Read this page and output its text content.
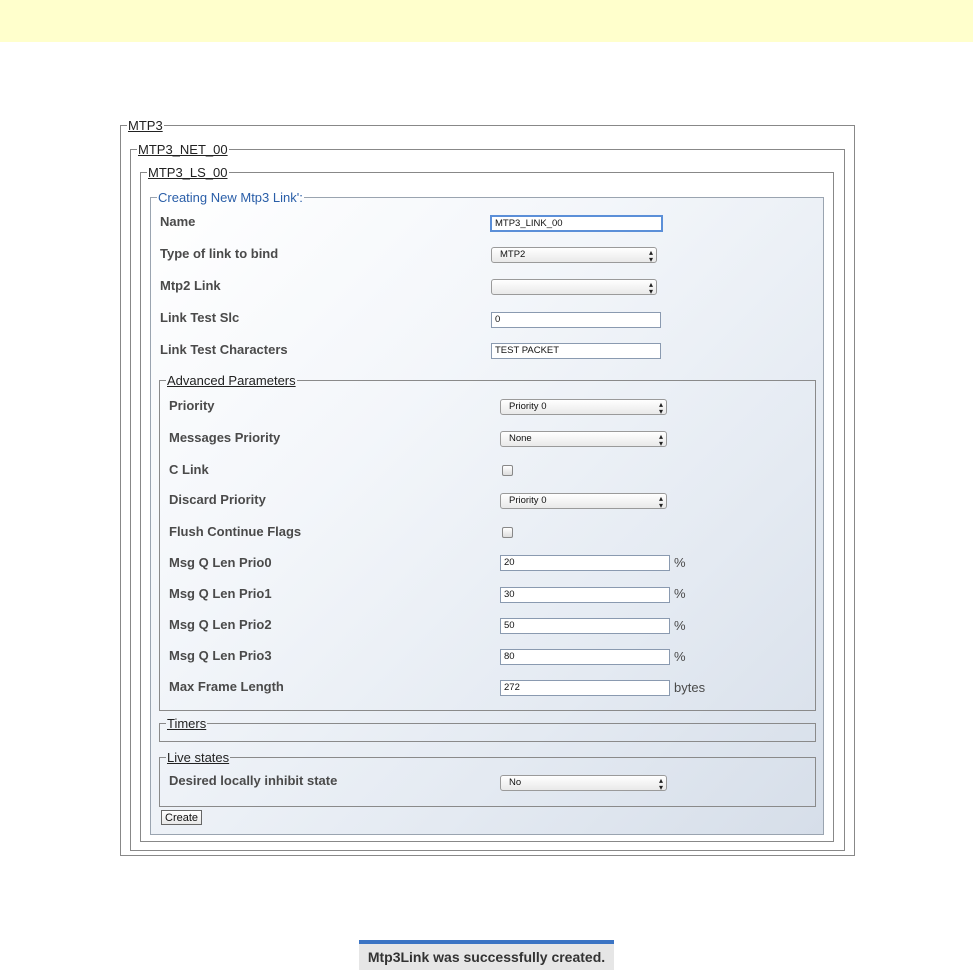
MTP3
MTP3_NET_00
MTP3_LS_00
Creating New Mtp3 Link':
Advanced Parameters
Timers
Live states
Name	MTP3_LINK_00
Type of link to bind	MTP2	▴
▾
Mtp2 Link	▴
▾
Link Test Slc	0
Link Test Characters	TEST PACKET
Priority	Priority 0	▴
▾
Messages Priority	None	▴
▾
C Link
Discard Priority	Priority 0	▴
▾
Flush Continue Flags
Msg Q Len Prio0	20	%
Msg Q Len Prio1	30	%
Msg Q Len Prio2	50	%
Msg Q Len Prio3	80	%
Max Frame Length	272	bytes
Desired locally inhibit state	No	▴
▾
Create
Mtp3Link was successfully created.
